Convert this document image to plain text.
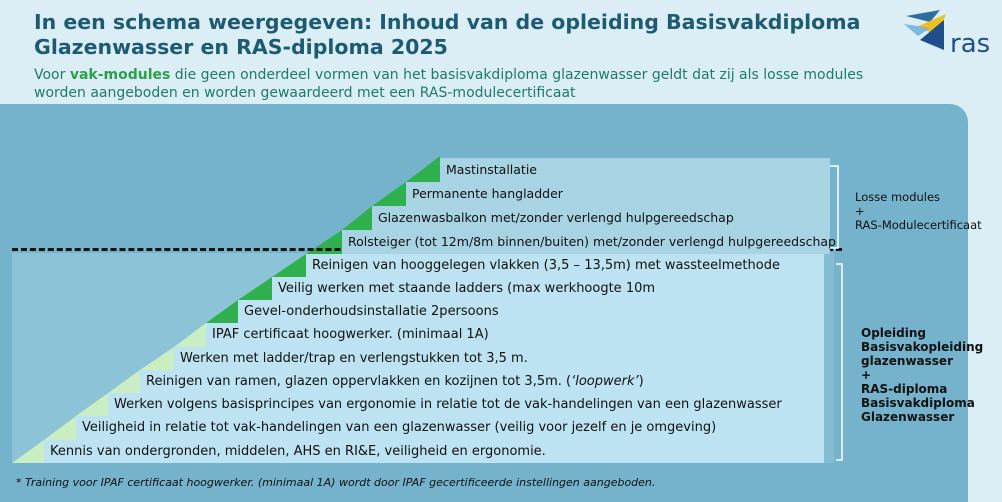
In een schema weergegeven: Inhoud van de opleiding Basisvakdiploma
Glazenwasser en RAS-diploma 2025
Voor vak-modules die geen onderdeel vormen van het basisvakdiploma glazenwasser geldt dat zij als losse modules worden aangeboden en worden gewaardeerd met een RAS-modulecertificaat
ras
Mastinstallatie
Permanente hangladder
Glazenwasbalkon met/zonder verlengd hulpgereedschap
Rolsteiger (tot 12m/8m binnen/buiten) met/zonder verlengd hulpgereedschap
Reinigen van hooggelegen vlakken (3,5 – 13,5m) met wassteelmethode
Veilig werken met staande ladders (max werkhoogte 10m
Gevel-onderhoudsinstallatie 2persoons
IPAF certificaat hoogwerker. (minimaal 1A)
Werken met ladder/trap en verlengstukken tot 3,5 m.
Reinigen van ramen, glazen oppervlakken en kozijnen tot 3,5m. (‘loopwerk’)
Werken volgens basisprincipes van ergonomie in relatie tot de vak-handelingen van een glazenwasser
Veiligheid in relatie tot vak-handelingen van een glazenwasser (veilig voor jezelf en je omgeving)
Kennis van ondergronden, middelen, AHS en RI&E, veiligheid en ergonomie.
Losse modules
+
RAS-Modulecertificaat
Opleiding
Basisvakopleiding
glazenwasser
+
RAS-diploma
Basisvakdiploma
Glazenwasser
* Training voor IPAF certificaat hoogwerker. (minimaal 1A) wordt door IPAF gecertificeerde instellingen aangeboden.
